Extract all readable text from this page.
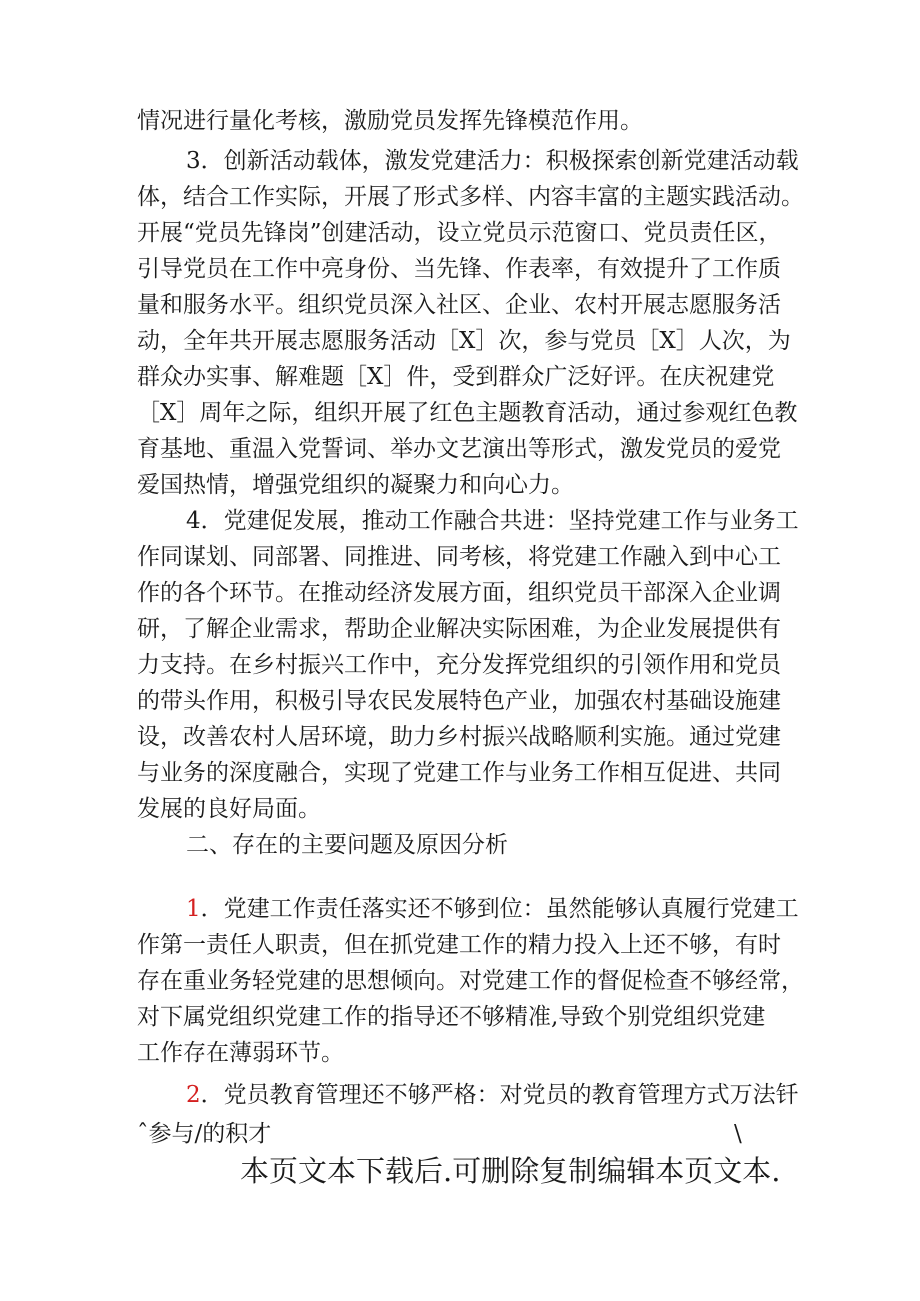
情况进行量化考核，激励党员发挥先锋模范作用。
3．创新活动载体，激发党建活力：积极探索创新党建活动载
体，结合工作实际，开展了形式多样、内容丰富的主题实践活动。
开展“党员先锋岗”创建活动，设立党员示范窗口、党员责任区，
引导党员在工作中亮身份、当先锋、作表率，有效提升了工作质
量和服务水平。组织党员深入社区、企业、农村开展志愿服务活
动，全年共开展志愿服务活动［X］次，参与党员［X］人次，为
群众办实事、解难题［X］件，受到群众广泛好评。在庆祝建党
［X］周年之际，组织开展了红色主题教育活动，通过参观红色教
育基地、重温入党誓词、举办文艺演出等形式，激发党员的爱党
爱国热情，增强党组织的凝聚力和向心力。
4．党建促发展，推动工作融合共进：坚持党建工作与业务工
作同谋划、同部署、同推进、同考核，将党建工作融入到中心工
作的各个环节。在推动经济发展方面，组织党员干部深入企业调
研，了解企业需求，帮助企业解决实际困难，为企业发展提供有
力支持。在乡村振兴工作中，充分发挥党组织的引领作用和党员
的带头作用，积极引导农民发展特色产业，加强农村基础设施建
设，改善农村人居环境，助力乡村振兴战略顺利实施。通过党建
与业务的深度融合，实现了党建工作与业务工作相互促进、共同
发展的良好局面。
二、存在的主要问题及原因分析
1．党建工作责任落实还不够到位：虽然能够认真履行党建工
作第一责任人职责，但在抓党建工作的精力投入上还不够，有时
存在重业务轻党建的思想倾向。对党建工作的督促检查不够经常，
对下属党组织党建工作的指导还不够精准,导致个别党组织党建
工作存在薄弱环节。
2．党员教育管理还不够严格：对党员的教育管理方式万法钎
ˆ参与/的积才	\
本页文本下载后.可删除复制编辑本页文本.
